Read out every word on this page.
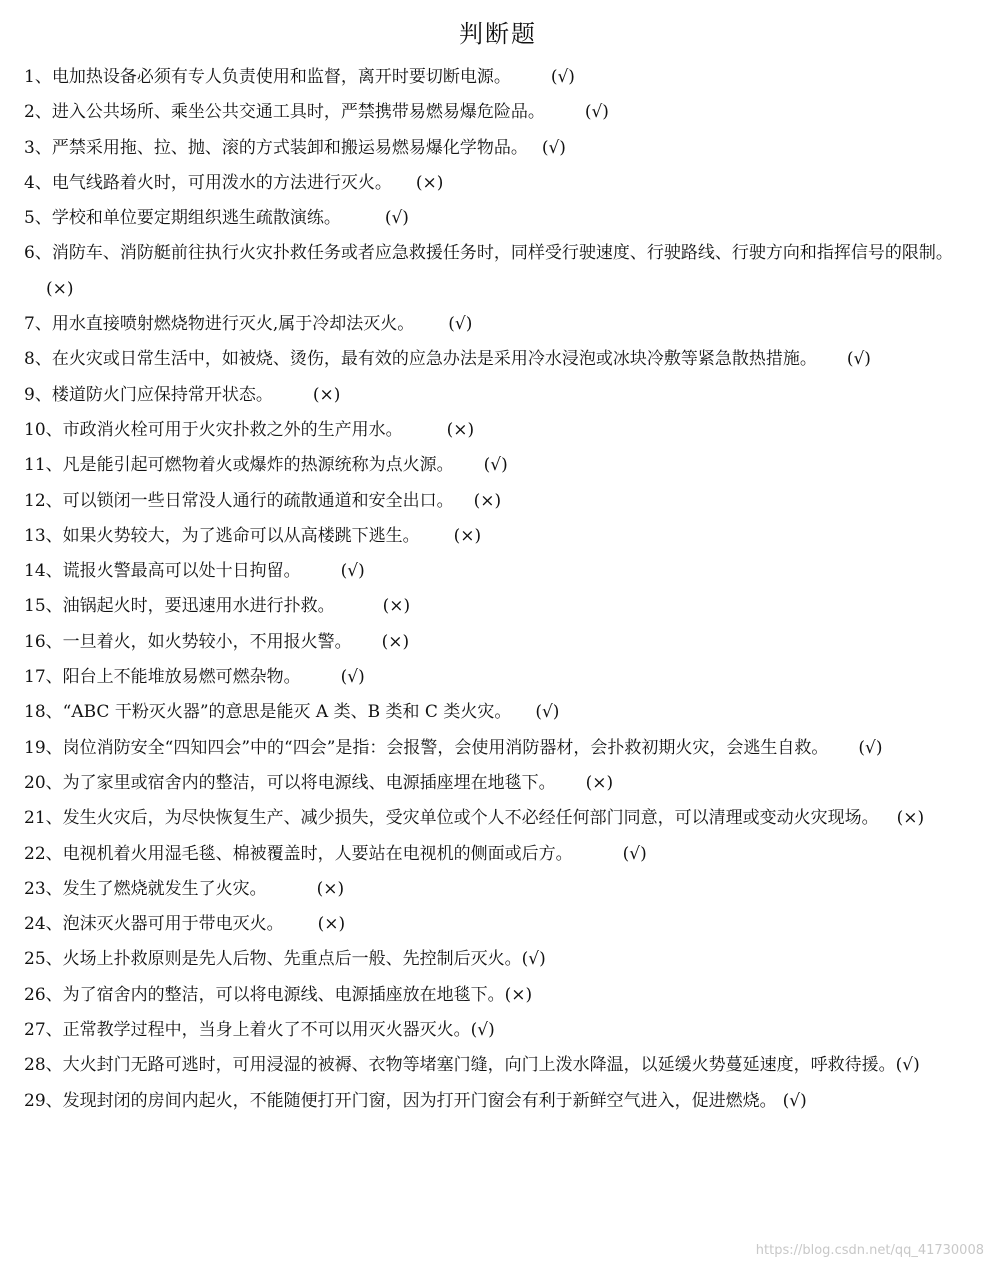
判断题
1、电加热设备必须有专人负责使用和监督，离开时要切断电源。 (√)
2、进入公共场所、乘坐公共交通工具时，严禁携带易燃易爆危险品。 (√)
3、严禁采用拖、拉、抛、滚的方式装卸和搬运易燃易爆化学物品。 (√)
4、电气线路着火时，可用泼水的方法进行灭火。 (×)
5、学校和单位要定期组织逃生疏散演练。	(√)
6、消防车、消防艇前往执行火灾扑救任务或者应急救援任务时，同样受行驶速度、行驶路线、行驶方向和指挥信号的限制。(×)
7、用水直接喷射燃烧物进行灭火,属于冷却法灭火。 (√)
8、在火灾或日常生活中，如被烧、烫伤，最有效的应急办法是采用冷水浸泡或冰块冷敷等紧急散热措施。 (√)
9、楼道防火门应保持常开状态。 (×)
10、市政消火栓可用于火灾扑救之外的生产用水。	(×)
11、凡是能引起可燃物着火或爆炸的热源统称为点火源。 (√)
12、可以锁闭一些日常没人通行的疏散通道和安全出口。 (×)
13、如果火势较大，为了逃命可以从高楼跳下逃生。 (×)
14、谎报火警最高可以处十日拘留。 (√)
15、油锅起火时，要迅速用水进行扑救。	(×)
16、一旦着火，如火势较小，不用报火警。 (×)
17、阳台上不能堆放易燃可燃杂物。 (√)
18、“ABC 干粉灭火器”的意思是能灭 A 类、B 类和 C 类火灾。 (√)
19、岗位消防安全“四知四会”中的“四会”是指：会报警，会使用消防器材，会扑救初期火灾，会逃生自救。 (√)
20、为了家里或宿舍内的整洁，可以将电源线、电源插座埋在地毯下。 (×)
21、发生火灾后，为尽快恢复生产、减少损失，受灾单位或个人不必经任何部门同意，可以清理或变动火灾现场。 (×)
22、电视机着火用湿毛毯、棉被覆盖时，人要站在电视机的侧面或后方。	(√)
23、发生了燃烧就发生了火灾。	(×)
24、泡沫灭火器可用于带电灭火。 (×)
25、火场上扑救原则是先人后物、先重点后一般、先控制后灭火。(√)
26、为了宿舍内的整洁，可以将电源线、电源插座放在地毯下。(×)
27、正常教学过程中，当身上着火了不可以用灭火器灭火。(√)
28、大火封门无路可逃时，可用浸湿的被褥、衣物等堵塞门缝，向门上泼水降温，以延缓火势蔓延速度，呼救待援。(√)
29、发现封闭的房间内起火，不能随便打开门窗，因为打开门窗会有利于新鲜空气进入，促进燃烧。 (√)
https://blog.csdn.net/qq_41730008
